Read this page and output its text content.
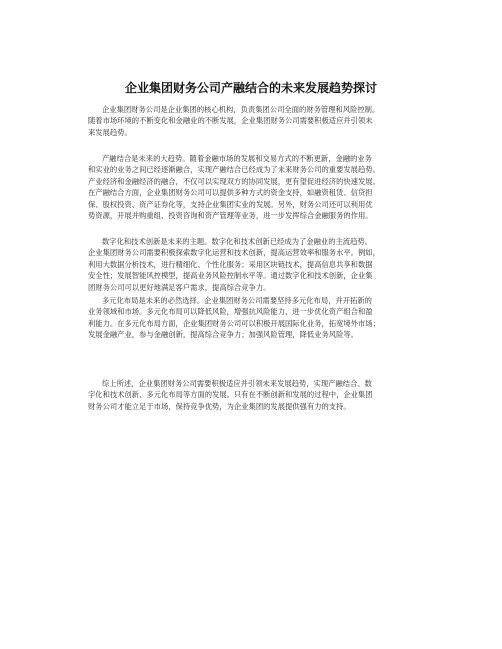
企业集团财务公司产融结合的未来发展趋势探讨
企业集团财务公司是企业集团的核心机构，负责集团公司全面的财务管理和风险控制。
随着市场环境的不断变化和金融业的不断发展，企业集团财务公司需要积极适应并引领未
来发展趋势。
产融结合是未来的大趋势。随着金融市场的发展和交易方式的不断更新，金融的业务
和实业的业务之间已经逐渐融合，实现产融结合已经成为了未来财务公司的重要发展趋势。
产业经济和金融经济的融合，不仅可以实现双方的协同发展，更有望促进经济的快速发展。
在产融结合方面，企业集团财务公司可以提供多种方式的资金支持，如融资租赁、信贷担
保、股权投资、资产证券化等，支持企业集团实业的发展。另外，财务公司还可以利用优
势资源，开展并购重组、投资咨询和资产管理等业务，进一步发挥综合金融服务的作用。
数字化和技术创新是未来的主题。数字化和技术创新已经成为了金融业的主流趋势。
企业集团财务公司需要积极探索数字化运营和技术创新，提高运营效率和服务水平。例如，
利用大数据分析技术，进行精细化、个性化服务；采用区块链技术，提高信息共享和数据
安全性；发展智能风控模型，提高业务风险控制水平等。通过数字化和技术创新，企业集
团财务公司可以更好地满足客户需求，提高综合竞争力。
多元化布局是未来的必然选择。企业集团财务公司需要坚持多元化布局，并开拓新的
业务领域和市场。多元化布局可以降低风险，增强抗风险能力，进一步优化资产组合和盈
利能力。在多元化布局方面，企业集团财务公司可以积极开展国际化业务，拓宽境外市场；
发展金融产业，参与金融创新，提高综合竞争力；加强风险管理，降低业务风险等。
综上所述，企业集团财务公司需要积极适应并引领未来发展趋势，实现产融结合、数
字化和技术创新、多元化布局等方面的发展。只有在不断创新和发展的过程中，企业集团
财务公司才能立足于市场，保持竞争优势，为企业集团的发展提供强有力的支持。
